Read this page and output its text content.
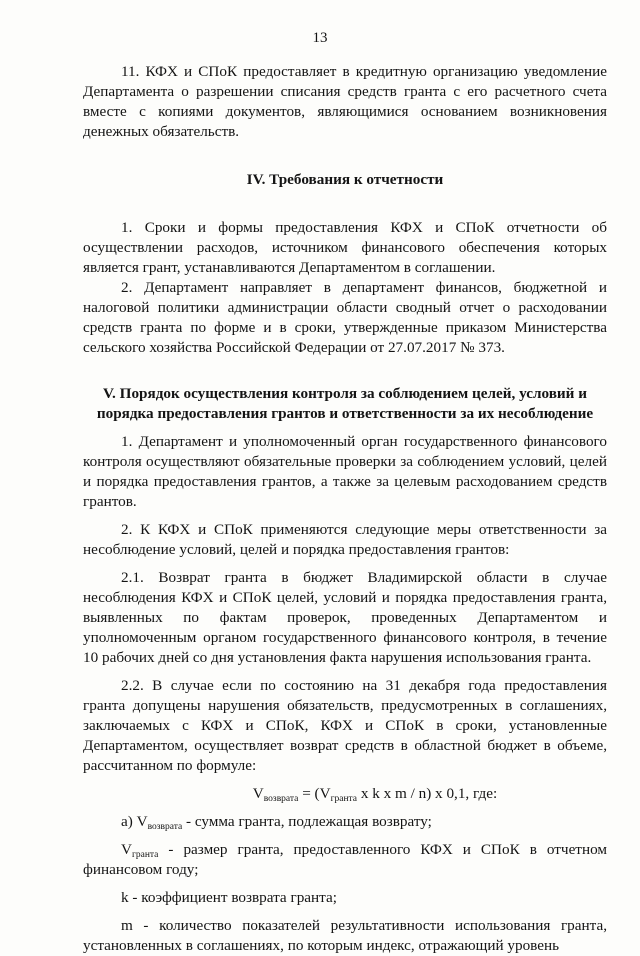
13

11. КФХ и СПоК предоставляет в кредитную организацию уведомление Департамента о разрешении списания средств гранта с его расчетного счета вместе с копиями документов, являющимися основанием возникновения денежных обязательств.

IV. Требования к отчетности

1. Сроки и формы предоставления КФХ и СПоК отчетности об осуществлении расходов, источником финансового обеспечения которых является грант, устанавливаются Департаментом в соглашении.

2. Департамент направляет в департамент финансов, бюджетной и налоговой политики администрации области сводный отчет о расходовании средств гранта по форме и в сроки, утвержденные приказом Министерства сельского хозяйства Российской Федерации от 27.07.2017 № 373.

V. Порядок осуществления контроля за соблюдением целей, условий и порядка предоставления грантов и ответственности за их несоблюдение

1. Департамент и уполномоченный орган государственного финансового контроля осуществляют обязательные проверки за соблюдением условий, целей и порядка предоставления грантов, а также за целевым расходованием средств грантов.

2. К КФХ и СПоК применяются следующие меры ответственности за несоблюдение условий, целей и порядка предоставления грантов:

2.1. Возврат гранта в бюджет Владимирской области в случае несоблюдения КФХ и СПоК целей, условий и порядка предоставления гранта, выявленных по фактам проверок, проведенных Департаментом и уполномоченным органом государственного финансового контроля, в течение 10 рабочих дней со дня установления факта нарушения использования гранта.

2.2. В случае если по состоянию на 31 декабря года предоставления гранта допущены нарушения обязательств, предусмотренных в соглашениях, заключаемых с КФХ и СПоК, КФХ и СПоК в сроки, установленные Департаментом, осуществляет возврат средств в областной бюджет в объеме, рассчитанном по формуле:

$V_{возврата} = (V_{гранта}$ x k x m / n) x 0,1, где:

а) $V_{возврата}$ - сумма гранта, подлежащая возврату;

$V_{гранта}$ - размер гранта, предоставленного КФХ и СПоК в отчетном финансовом году;

k - коэффициент возврата гранта;

m - количество показателей результативности использования гранта, установленных в соглашениях, по которым индекс, отражающий уровень
